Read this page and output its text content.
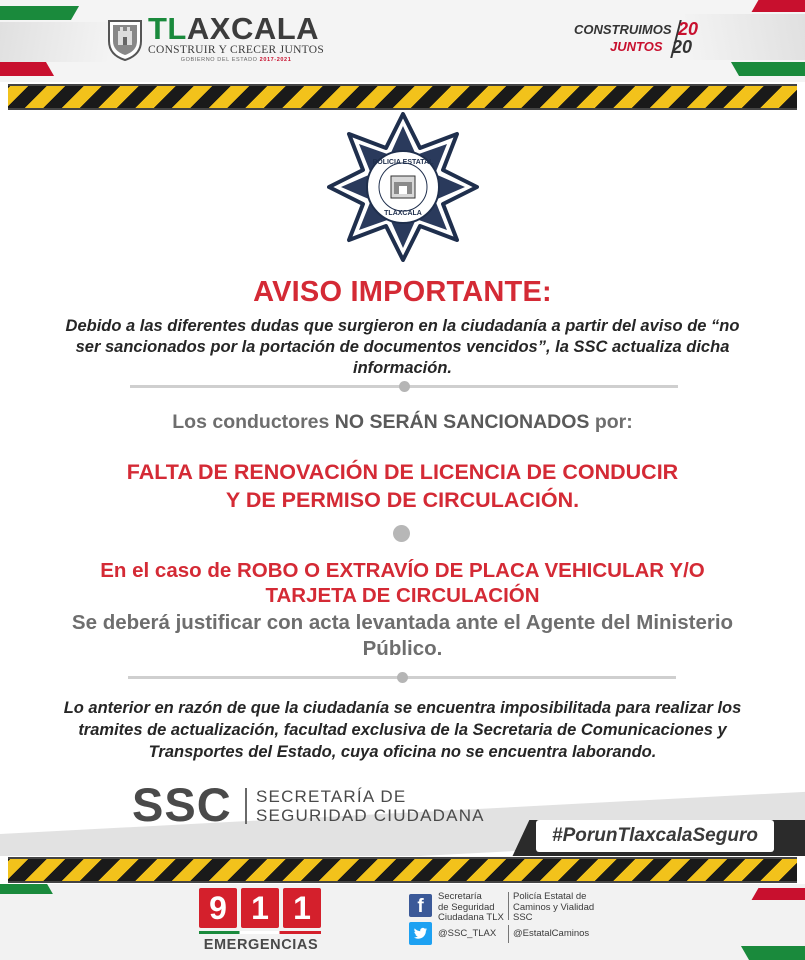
TLAXCALA
CONSTRUIR Y CRECER JUNTOS
GOBIERNO DEL ESTADO 2017-2021
CONSTRUIMOS
JUNTOS
20
20
POLICIA ESTATAL
TLAXCALA
AVISO IMPORTANTE:
Debido a las diferentes dudas que surgieron en la ciudadanía a partir del aviso de “no ser sancionados por la portación de documentos vencidos”, la SSC actualiza dicha información.
Los conductores NO SERÁN SANCIONADOS por:
FALTA DE RENOVACIÓN DE LICENCIA DE CONDUCIR
Y DE PERMISO DE CIRCULACIÓN.
En el caso de ROBO O EXTRAVÍO DE PLACA VEHICULAR Y/O
TARJETA DE CIRCULACIÓN
Se deberá justificar con acta levantada ante el Agente del Ministerio Público.
Lo anterior en razón de que la ciudadanía se encuentra imposibilitada para realizar los tramites de actualización, facultad exclusiva de la Secretaria de Comunicaciones y Transportes del Estado, cuya oficina no se encuentra laborando.
SSC SECRETARÍA DE
SEGURIDAD CIUDADANA
#PorunTlaxcalaSeguro
9 1 1
EMERGENCIAS
f	Secretaría
de Seguridad
Ciudadana TLX
Policía Estatal de
Caminos y Vialidad
SSC
@SSC_TLAX @EstatalCaminos
